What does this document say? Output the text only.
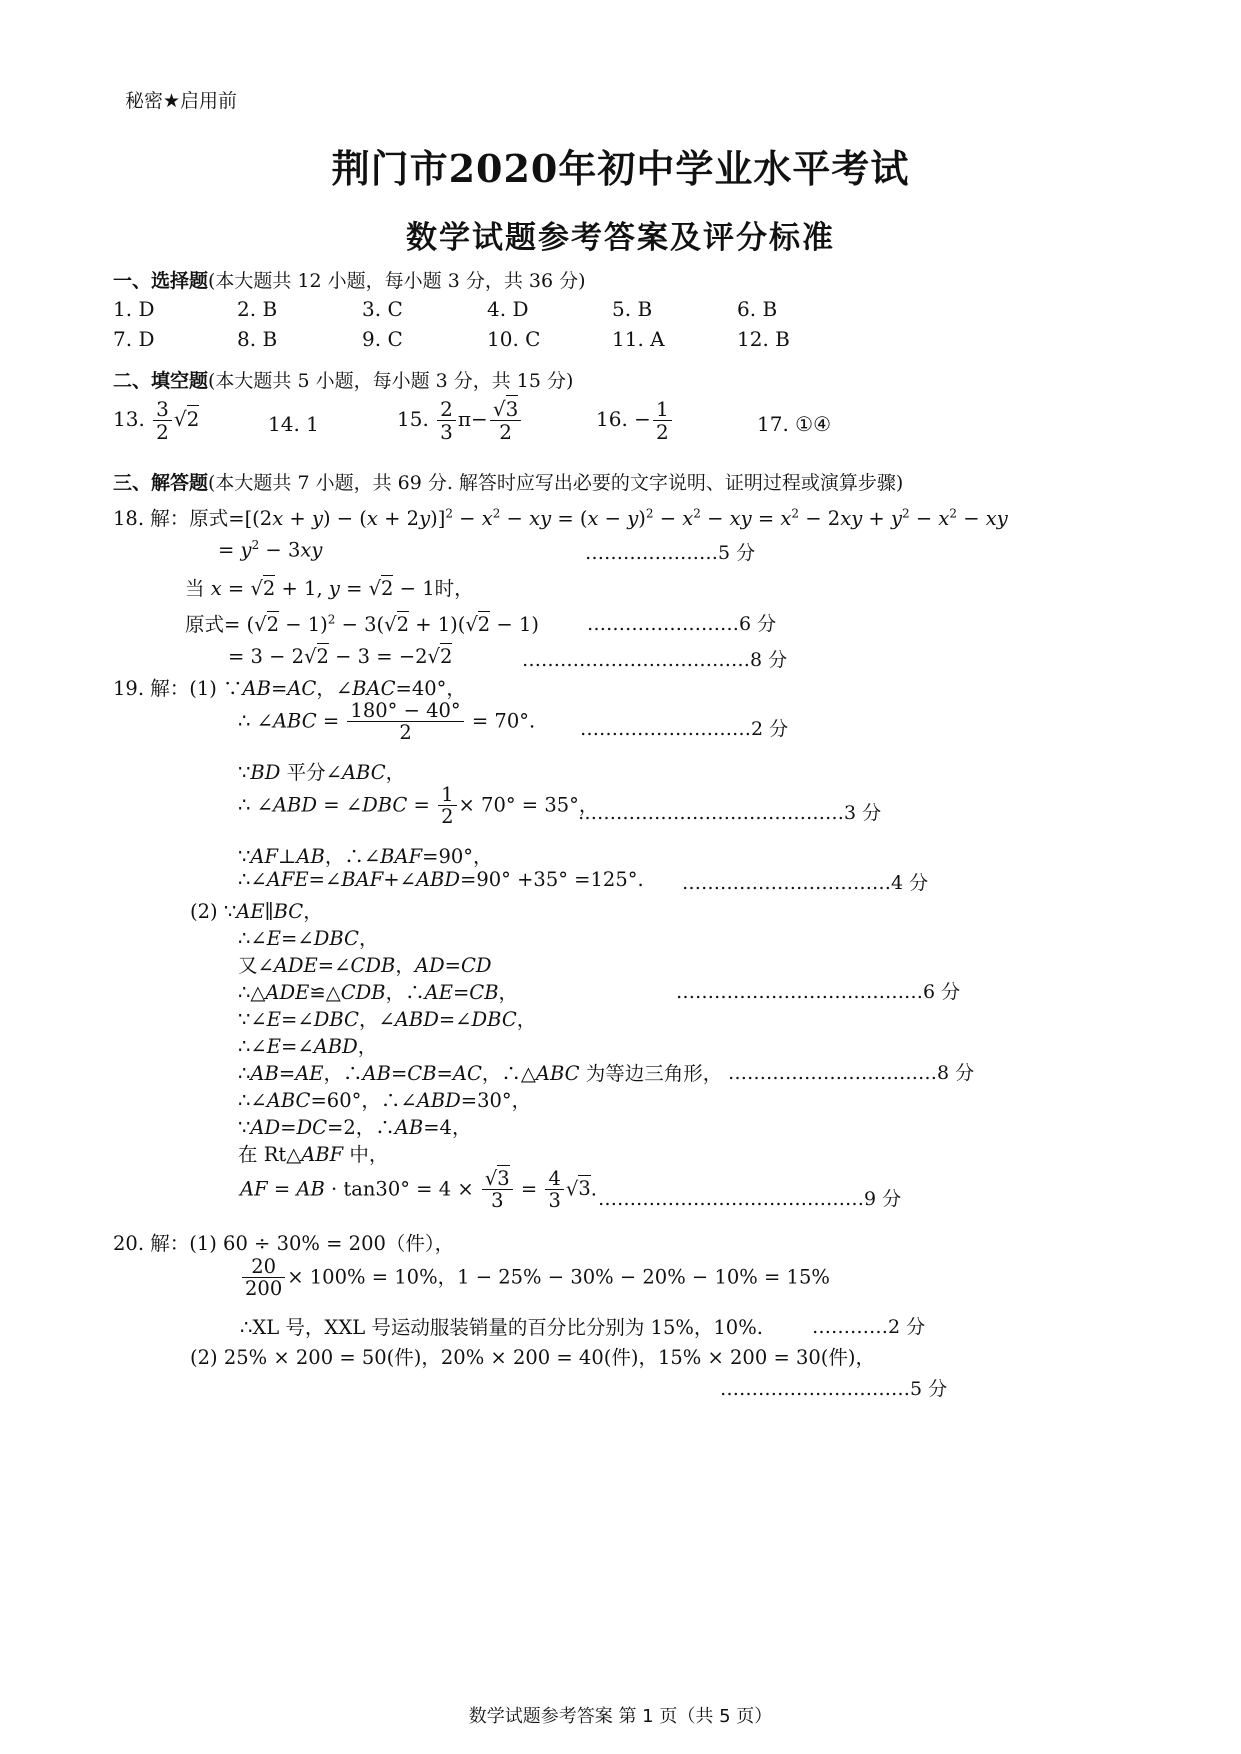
秘密★启用前
荆门市2020年初中学业水平考试
数学试题参考答案及评分标准
一、选择题(本大题共 12 小题，每小题 3 分，共 36 分)
1. D	2. B	3. C	4. D	5. B	6. B
7. D	8. B	9. C	10. C	11. A	12. B
二、填空题(本大题共 5 小题，每小题 3 分，共 15 分)
13. $\frac{3}{2} √2$	14. 1	15. $\frac{2}{3} \pi- \frac{√3}{2}$	16. − $\frac{1}{2}$	17. ①④
三、解答题(本大题共 7 小题，共 69 分. 解答时应写出必要的文字说明、证明过程或演算步骤)
18. 解：原式$=[(2x + y) - (x + 2y)]^2 - x^2$ − xy = $(x - y)^2 - x^2$ − xy = $x^2 - 2xy + y^2 - x^2$ − xy
= $y^2 - 3xy$	…………………5 分
当 x = √2 + 1, y = √2 − 1时，
原式= $(√2 - 1)^2 - 3(√2 + 1)(√2 - 1)$	……………………6 分
= 3 − 2√2 − 3 = −2√2	………………………………8 分
19. 解：(1) ∵AB=AC，∠BAC=40°，
∴ ∠ABC = $\frac{180^\circ - 40^\circ}{2} = 70^\circ$. ………………………2 分
∵BD 平分∠ABC，
∴ ∠ABD = ∠DBC = $\frac{1}{2} \times 70^\circ = 35^\circ$，
……………………………………3 分
∵AF⊥AB，∴∠BAF=90°，
∴∠AFE=∠BAF+∠ABD=90° +35° =125°. ……………………………4 分
(2) ∵AE∥BC，
∴∠E=∠DBC，
又∠ADE=∠CDB，AD=CD
∴△ADE≌△CDB，∴AE=CB，	…………………………………6 分
∵∠E=∠DBC，∠ABD=∠DBC，
∴∠E=∠ABD，
∴AB=AE，∴AB=CB=AC，∴△ABC 为等边三角形， ……………………………8 分
∴∠ABC=60°，∴∠ABD=30°，
∵AD=DC=2，∴AB=4，
在 Rt△ABF 中，
AF = AB · $\tan 30^\circ = 4 \times \frac{√3}{3} = \frac{4}{3} √3$. ……………………………………9 分
20. 解：(1) 60 ÷ 30% = 200（件），
$\frac{20}{200} \times 100\% = 10\%$，1 − 25% − 30% − 20% − 10% = 15%
∴XL 号，XXL 号运动服装销量的百分比分别为 15%，10%.	…………2 分
(2) 25% × 200 = 50(件)，20% × 200 = 40(件)，15% × 200 = 30(件)，
…………………………5 分
数学试题参考答案 第 1 页（共 5 页）
